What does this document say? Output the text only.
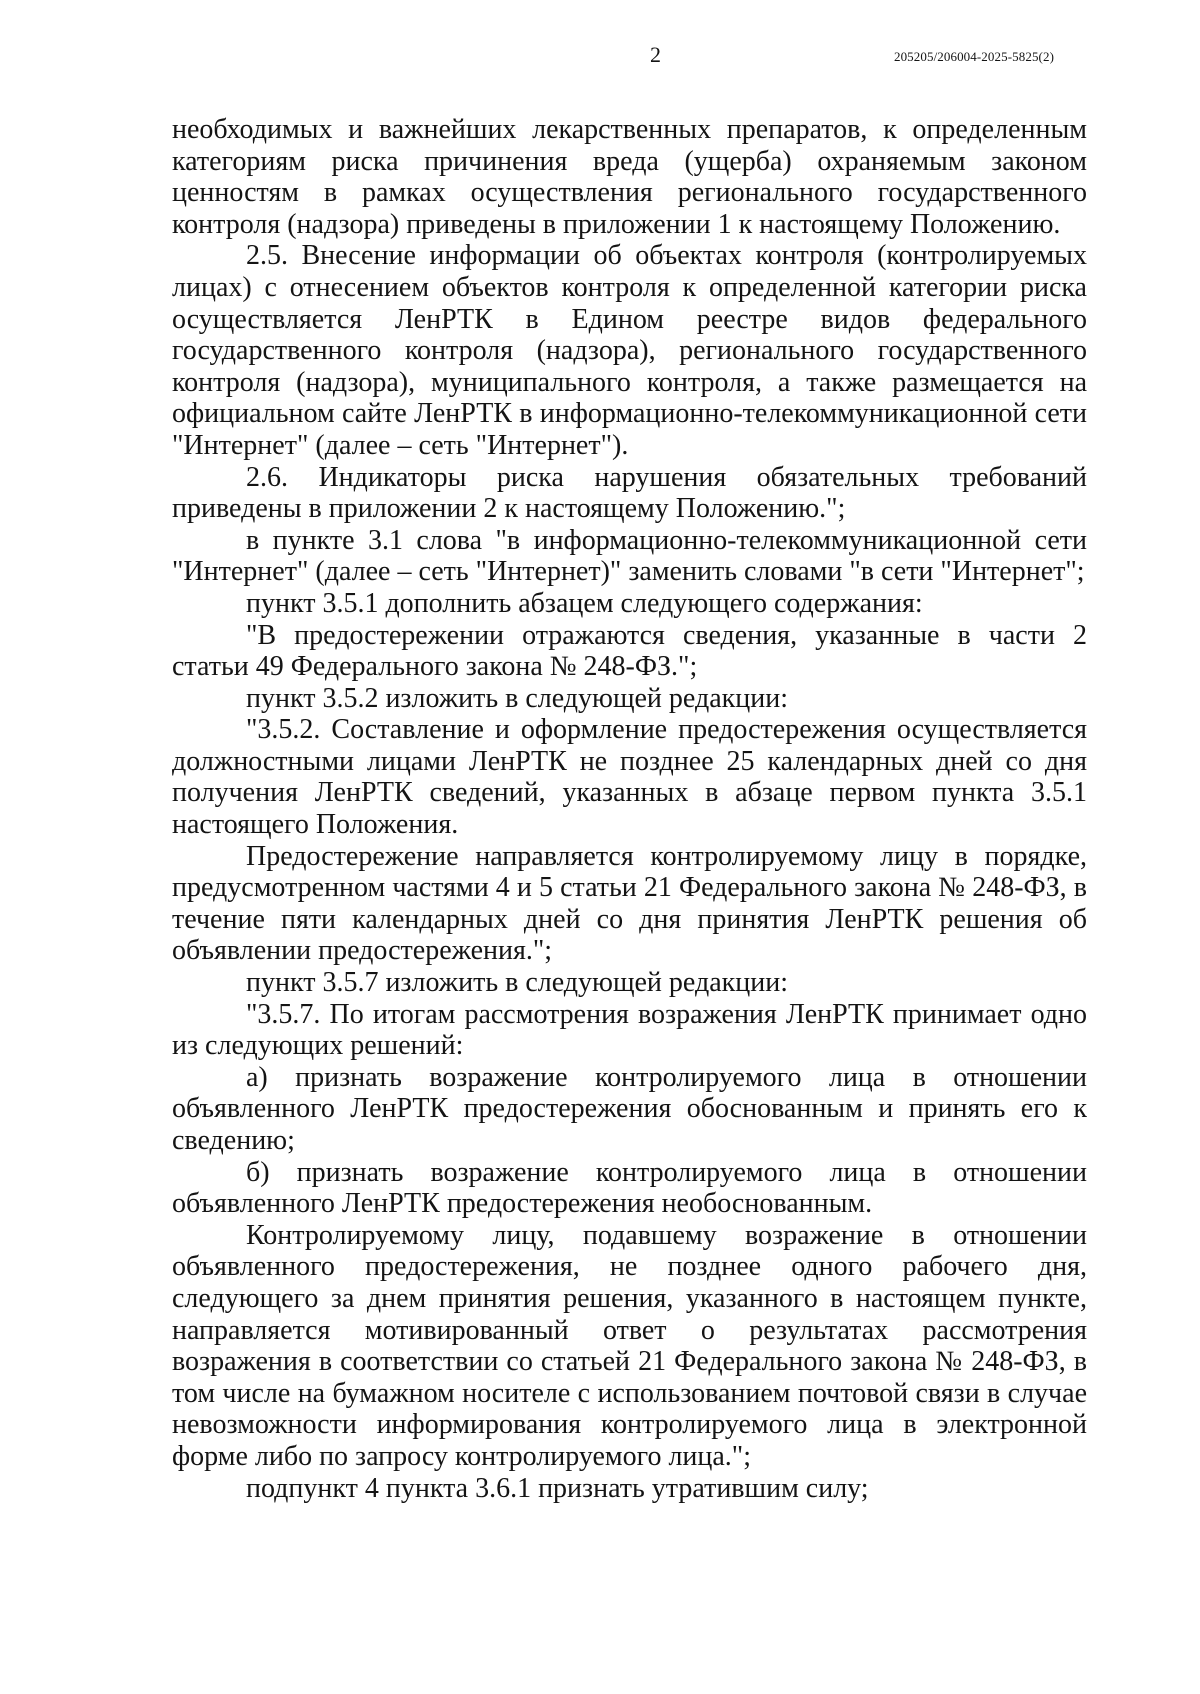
2	205205/206004-2025-5825(2)

необходимых и важнейших лекарственных препаратов, к определенным категориям риска причинения вреда (ущерба) охраняемым законом ценностям в рамках осуществления регионального государственного контроля (надзора) приведены в приложении 1 к настоящему Положению.

2.5. Внесение информации об объектах контроля (контролируемых лицах) с отнесением объектов контроля к определенной категории риска осуществляется ЛенРТК в Едином реестре видов федерального государственного контроля (надзора), регионального государственного контроля (надзора), муниципального контроля, а также размещается на официальном сайте ЛенРТК в информационно-телекоммуникационной сети "Интернет" (далее – сеть "Интернет").

2.6. Индикаторы риска нарушения обязательных требований приведены в приложении 2 к настоящему Положению.";

в пункте 3.1 слова "в информационно-телекоммуникационной сети "Интернет" (далее – сеть "Интернет)" заменить словами "в сети "Интернет";

пункт 3.5.1 дополнить абзацем следующего содержания:

"В предостережении отражаются сведения, указанные в части 2 статьи 49 Федерального закона № 248-ФЗ.";

пункт 3.5.2 изложить в следующей редакции:

"3.5.2. Составление и оформление предостережения осуществляется должностными лицами ЛенРТК не позднее 25 календарных дней со дня получения ЛенРТК сведений, указанных в абзаце первом пункта 3.5.1 настоящего Положения.

Предостережение направляется контролируемому лицу в порядке, предусмотренном частями 4 и 5 статьи 21 Федерального закона № 248-ФЗ, в течение пяти календарных дней со дня принятия ЛенРТК решения об объявлении предостережения.";

пункт 3.5.7 изложить в следующей редакции:

"3.5.7. По итогам рассмотрения возражения ЛенРТК принимает одно из следующих решений:

а) признать возражение контролируемого лица в отношении объявленного ЛенРТК предостережения обоснованным и принять его к сведению;

б) признать возражение контролируемого лица в отношении объявленного ЛенРТК предостережения необоснованным.

Контролируемому лицу, подавшему возражение в отношении объявленного предостережения, не позднее одного рабочего дня, следующего за днем принятия решения, указанного в настоящем пункте, направляется мотивированный ответ о результатах рассмотрения возражения в соответствии со статьей 21 Федерального закона № 248-ФЗ, в том числе на бумажном носителе с использованием почтовой связи в случае невозможности информирования контролируемого лица в электронной форме либо по запросу контролируемого лица.";

подпункт 4 пункта 3.6.1 признать утратившим силу;
